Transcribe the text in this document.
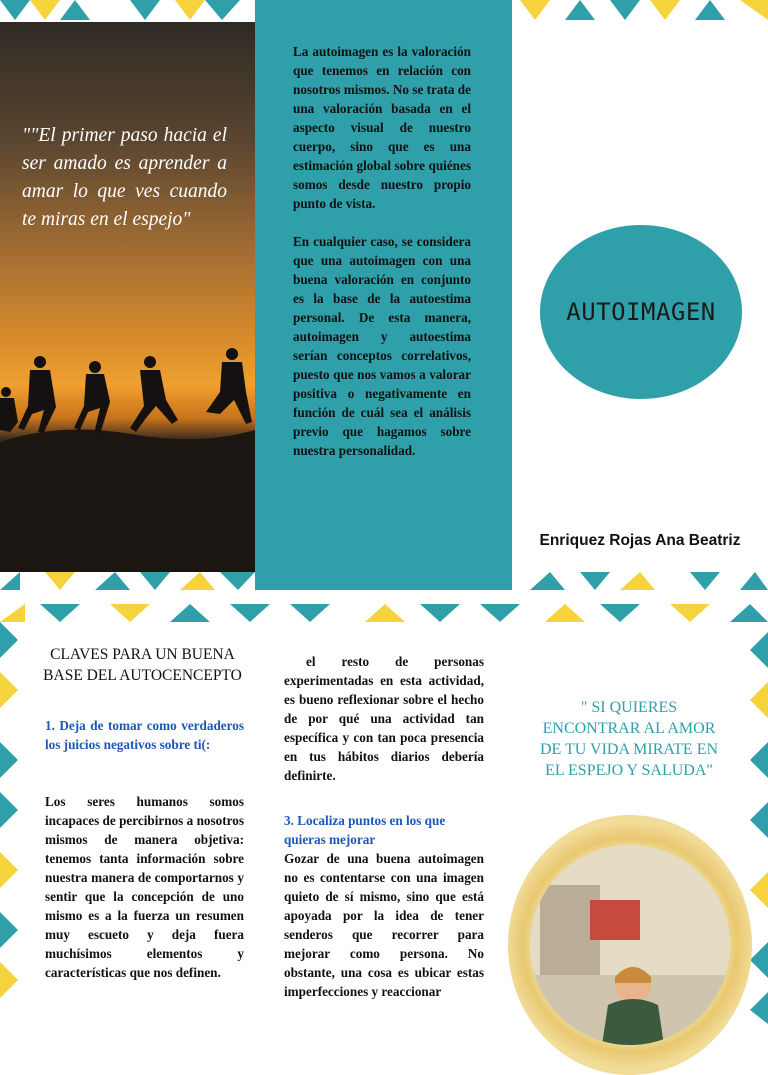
""El primer paso hacia el ser amado es aprender a amar lo que ves cuando te miras en el espejo"

La autoimagen es la valoración que tenemos en relación con nosotros mismos. No se trata de una valoración basada en el aspecto visual de nuestro cuerpo, sino que es una estimación global sobre quiénes somos desde nuestro propio punto de vista.

En cualquier caso, se considera que una autoimagen con una buena valoración en conjunto es la base de la autoestima personal. De esta manera, autoimagen y autoestima serían conceptos correlativos, puesto que nos vamos a valorar positiva o negativamente en función de cuál sea el análisis previo que hagamos sobre nuestra personalidad.

AUTOIMAGEN
Enriquez Rojas Ana Beatriz
CLAVES PARA UN BUENA BASE DEL AUTOCENCEPTO
1. Deja de tomar como verdaderos los juicios negativos sobre ti(:
Los seres humanos somos incapaces de percibirnos a nosotros mismos de manera objetiva: tenemos tanta información sobre nuestra manera de comportarnos y sentir que la concepción de uno mismo es a la fuerza un resumen muy escueto y deja fuera muchísimos elementos y características que nos definen.
el resto de personas experimentadas en esta actividad, es bueno reflexionar sobre el hecho de por qué una actividad tan específica y con tan poca presencia en tus hábitos diarios debería definirte.
3. Localiza puntos en los que quieras mejorar
Gozar de una buena autoimagen no es contentarse con una imagen quieto de sí mismo, sino que está apoyada por la idea de tener senderos que recorrer para mejorar como persona. No obstante, una cosa es ubicar estas imperfecciones y reaccionar
" SI QUIERES ENCONTRAR AL AMOR DE TU VIDA MIRATE EN EL ESPEJO Y SALUDA"
